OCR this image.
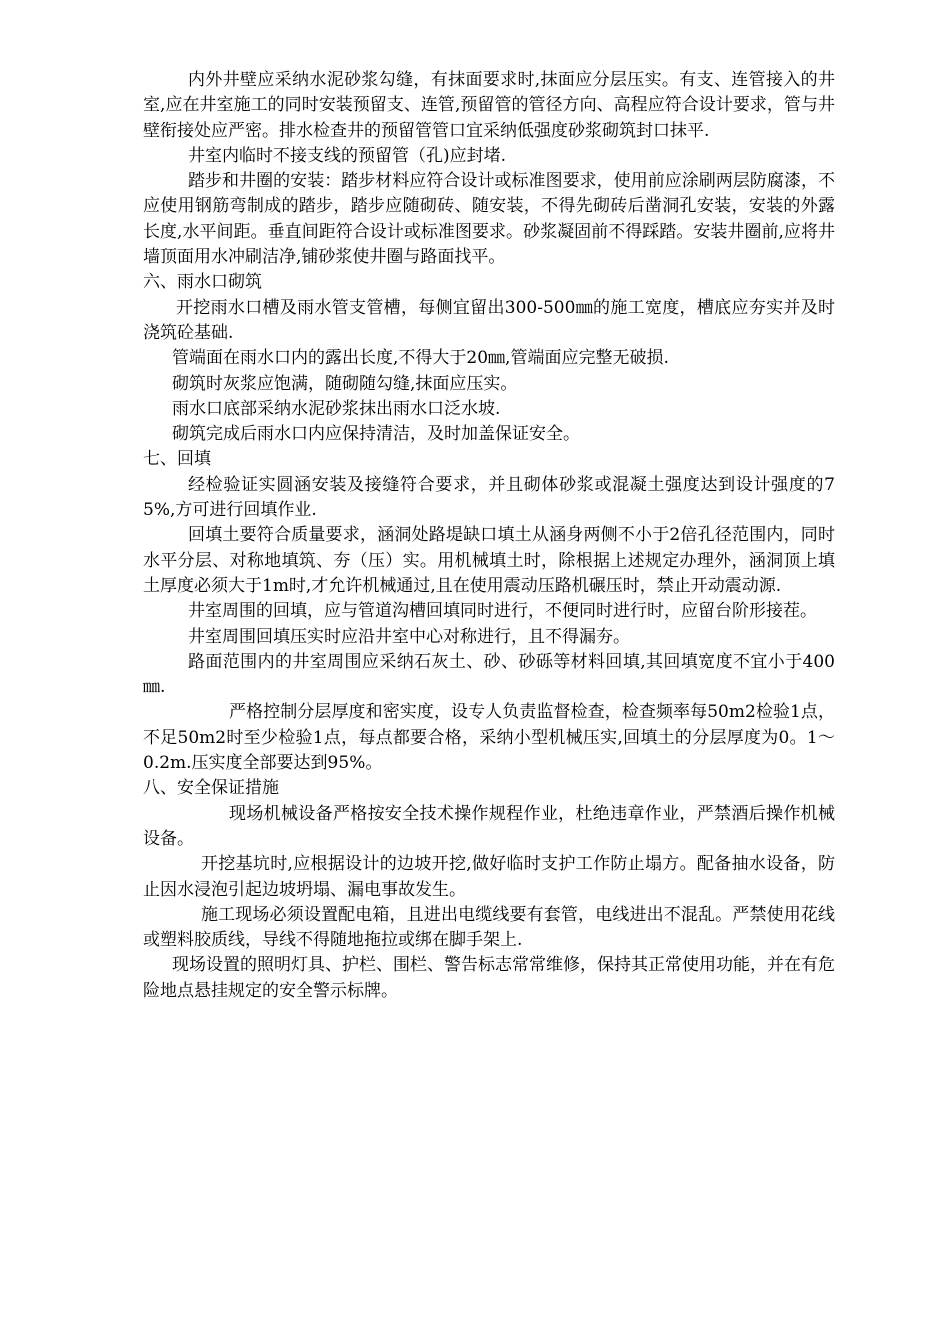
内外井壁应采纳水泥砂浆勾缝，有抹面要求时,抹面应分层压实。有支、连管接入的井室,应在井室施工的同时安装预留支、连管,预留管的管径方向、高程应符合设计要求，管与井壁衔接处应严密。排水检查井的预留管管口宜采纳低强度砂浆砌筑封口抹平.

井室内临时不接支线的预留管（孔)应封堵.

踏步和井圈的安装：踏步材料应符合设计或标准图要求，使用前应涂刷两层防腐漆，不应使用钢筋弯制成的踏步，踏步应随砌砖、随安装，不得先砌砖后凿洞孔安装，安装的外露长度,水平间距。垂直间距符合设计或标准图要求。砂浆凝固前不得踩踏。安装井圈前,应将井墙顶面用水冲刷洁净,铺砂浆使井圈与路面找平。

六、雨水口砌筑

开挖雨水口槽及雨水管支管槽，每侧宜留出300-500㎜的施工宽度，槽底应夯实并及时浇筑砼基础.

管端面在雨水口内的露出长度,不得大于20㎜,管端面应完整无破损.

砌筑时灰浆应饱满，随砌随勾缝,抹面应压实。

雨水口底部采纳水泥砂浆抹出雨水口泛水坡.

砌筑完成后雨水口内应保持清洁，及时加盖保证安全。

七、回填

经检验证实圆涵安装及接缝符合要求，并且砌体砂浆或混凝土强度达到设计强度的75%,方可进行回填作业.

回填土要符合质量要求，涵洞处路堤缺口填土从涵身两侧不小于2倍孔径范围内，同时水平分层、对称地填筑、夯（压）实。用机械填土时，除根据上述规定办理外，涵洞顶上填土厚度必须大于1m时,才允许机械通过,且在使用震动压路机碾压时，禁止开动震动源.

井室周围的回填，应与管道沟槽回填同时进行，不便同时进行时，应留台阶形接茬。

井室周围回填压实时应沿井室中心对称进行，且不得漏夯。

路面范围内的井室周围应采纳石灰土、砂、砂砾等材料回填,其回填宽度不宜小于400㎜.

严格控制分层厚度和密实度，设专人负责监督检查，检查频率每50m2检验1点，不足50m2时至少检验1点，每点都要合格，采纳小型机械压实,回填土的分层厚度为0。1～0.2m.压实度全部要达到95%。

八、安全保证措施

现场机械设备严格按安全技术操作规程作业，杜绝违章作业，严禁酒后操作机械设备。

开挖基坑时,应根据设计的边坡开挖,做好临时支护工作防止塌方。配备抽水设备，防止因水浸泡引起边坡坍塌、漏电事故发生。

施工现场必须设置配电箱，且进出电缆线要有套管，电线进出不混乱。严禁使用花线或塑料胶质线，导线不得随地拖拉或绑在脚手架上.

现场设置的照明灯具、护栏、围栏、警告标志常常维修，保持其正常使用功能，并在有危险地点悬挂规定的安全警示标牌。
